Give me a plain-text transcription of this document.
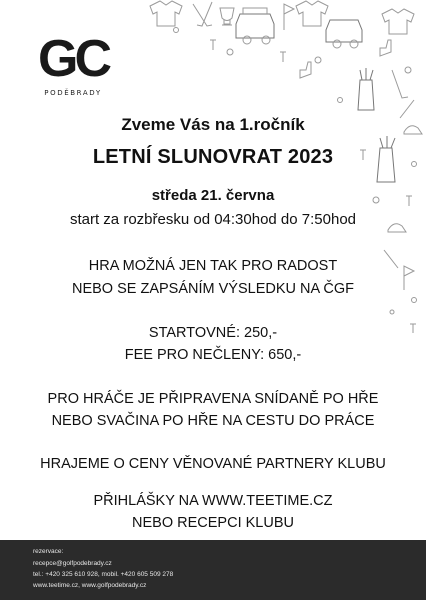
GC
PODĚBRADY
Zveme Vás na 1.ročník
LETNÍ SLUNOVRAT 2023
středa 21. června
start za rozbřesku od 04:30hod do 7:50hod
HRA MOŽNÁ JEN TAK PRO RADOST
NEBO SE ZAPSÁNÍM VÝSLEDKU NA ČGF
STARTOVNÉ: 250,-
FEE PRO NEČLENY: 650,-
PRO HRÁČE JE PŘIPRAVENA SNÍDANĚ PO HŘE
NEBO SVAČINA PO HŘE NA CESTU DO PRÁCE
HRAJEME O CENY VĚNOVANÉ PARTNERY KLUBU
PŘIHLÁŠKY NA WWW.TEETIME.CZ
NEBO RECEPCI KLUBU
rezervace:
recepce@golfpodebrady.cz
tel.: +420 325 610 928, mobil. +420 605 509 278
www.teetime.cz, www.golfpodebrady.cz
